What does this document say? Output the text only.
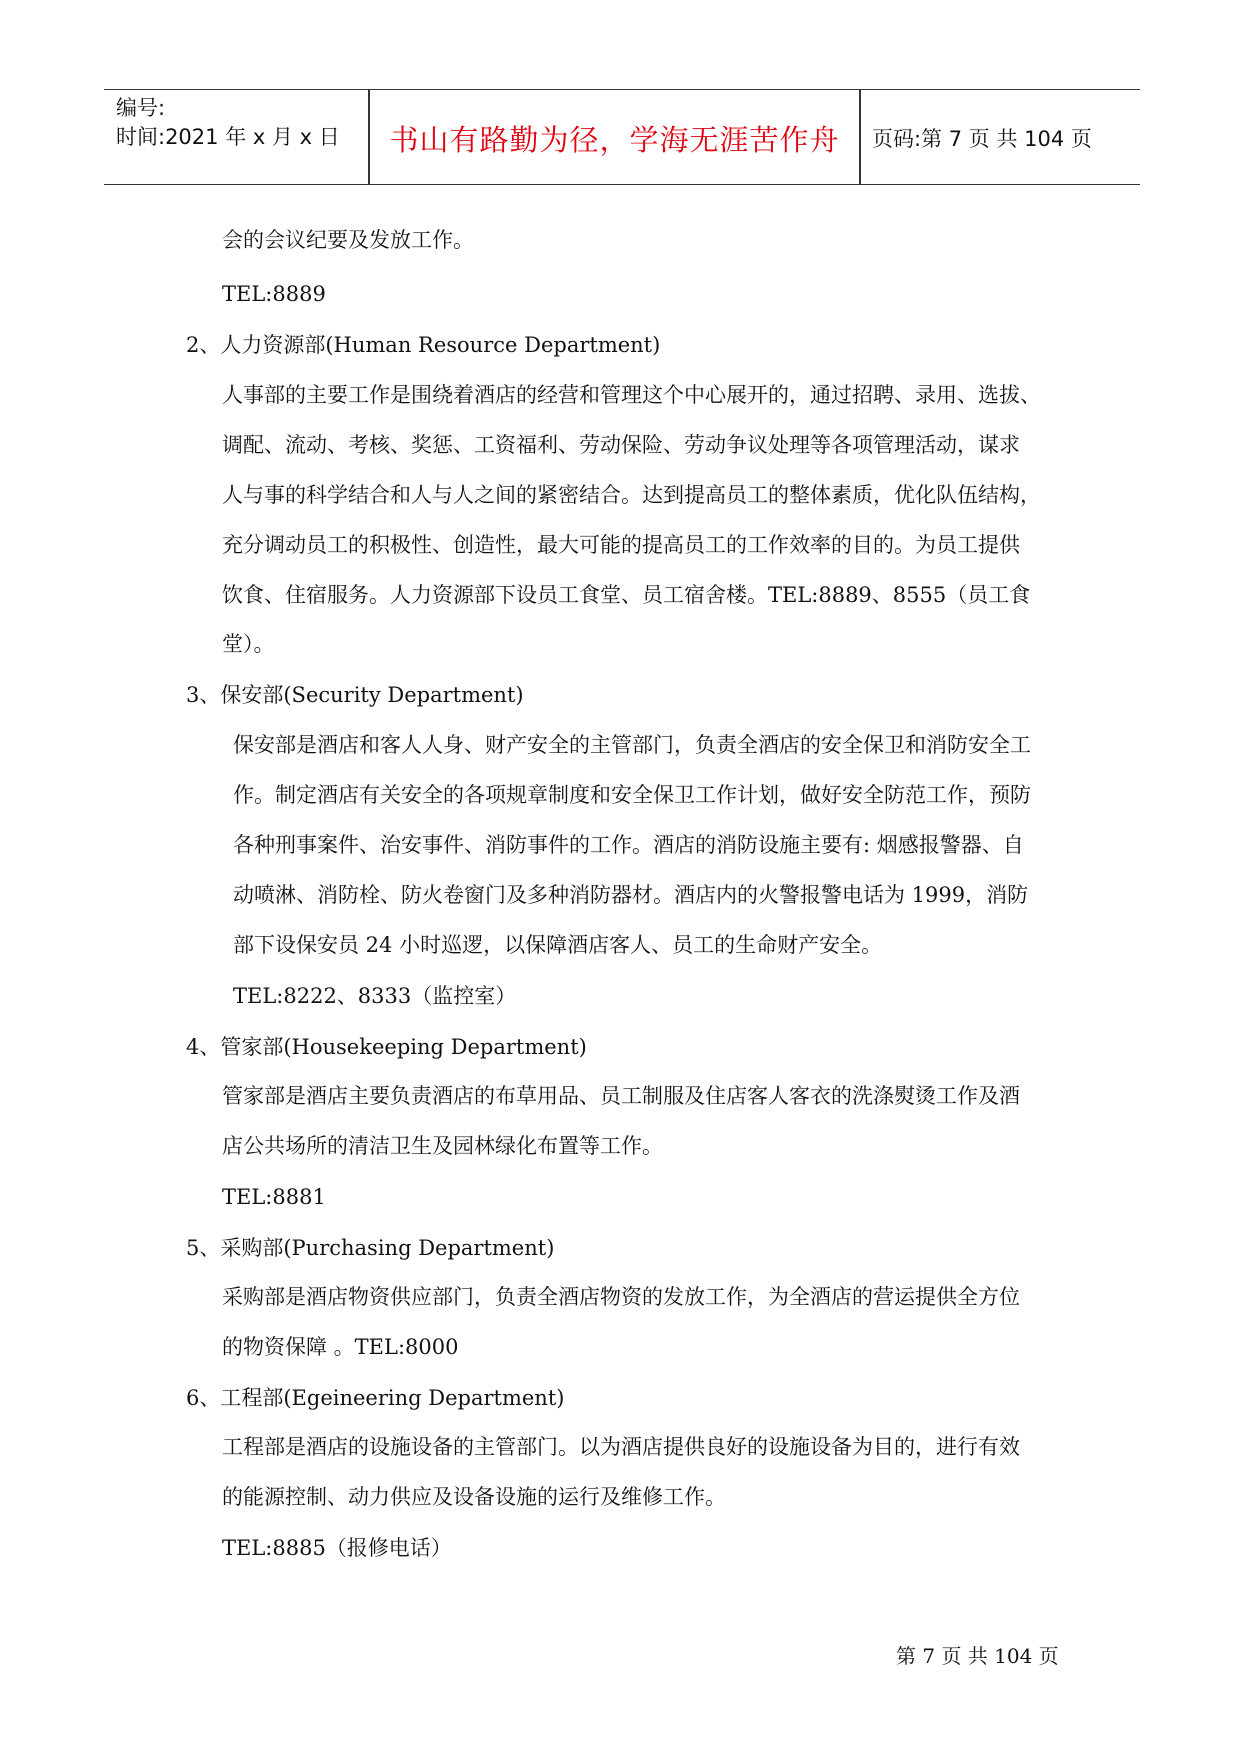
编号:
时间:2021 年 x 月 x 日	书山有路勤为径，学海无涯苦作舟	页码:第 7 页 共 104 页
会的会议纪要及发放工作。
TEL:8889
2、人力资源部(Human Resource Department)
人事部的主要工作是围绕着酒店的经营和管理这个中心展开的，通过招聘、录用、选拔、
调配、流动、考核、奖惩、工资福利、劳动保险、劳动争议处理等各项管理活动，谋求
人与事的科学结合和人与人之间的紧密结合。达到提高员工的整体素质，优化队伍结构，
充分调动员工的积极性、创造性，最大可能的提高员工的工作效率的目的。为员工提供
饮食、住宿服务。人力资源部下设员工食堂、员工宿舍楼。TEL:8889、8555（员工食
堂）。
3、保安部(Security Department)
保安部是酒店和客人人身、财产安全的主管部门，负责全酒店的安全保卫和消防安全工
作。制定酒店有关安全的各项规章制度和安全保卫工作计划，做好安全防范工作，预防
各种刑事案件、治安事件、消防事件的工作。酒店的消防设施主要有: 烟感报警器、自
动喷淋、消防栓、防火卷窗门及多种消防器材。酒店内的火警报警电话为 1999，消防
部下设保安员 24 小时巡逻，以保障酒店客人、员工的生命财产安全。
TEL:8222、8333（监控室）
4、管家部(Housekeeping Department)
管家部是酒店主要负责酒店的布草用品、员工制服及住店客人客衣的洗涤熨烫工作及酒
店公共场所的清洁卫生及园林绿化布置等工作。
TEL:8881
5、采购部(Purchasing Department)
采购部是酒店物资供应部门，负责全酒店物资的发放工作，为全酒店的营运提供全方位
的物资保障 。TEL:8000
6、工程部(Egeineering Department)
工程部是酒店的设施设备的主管部门。以为酒店提供良好的设施设备为目的，进行有效
的能源控制、动力供应及设备设施的运行及维修工作。
TEL:8885（报修电话）
第 7 页 共 104 页
